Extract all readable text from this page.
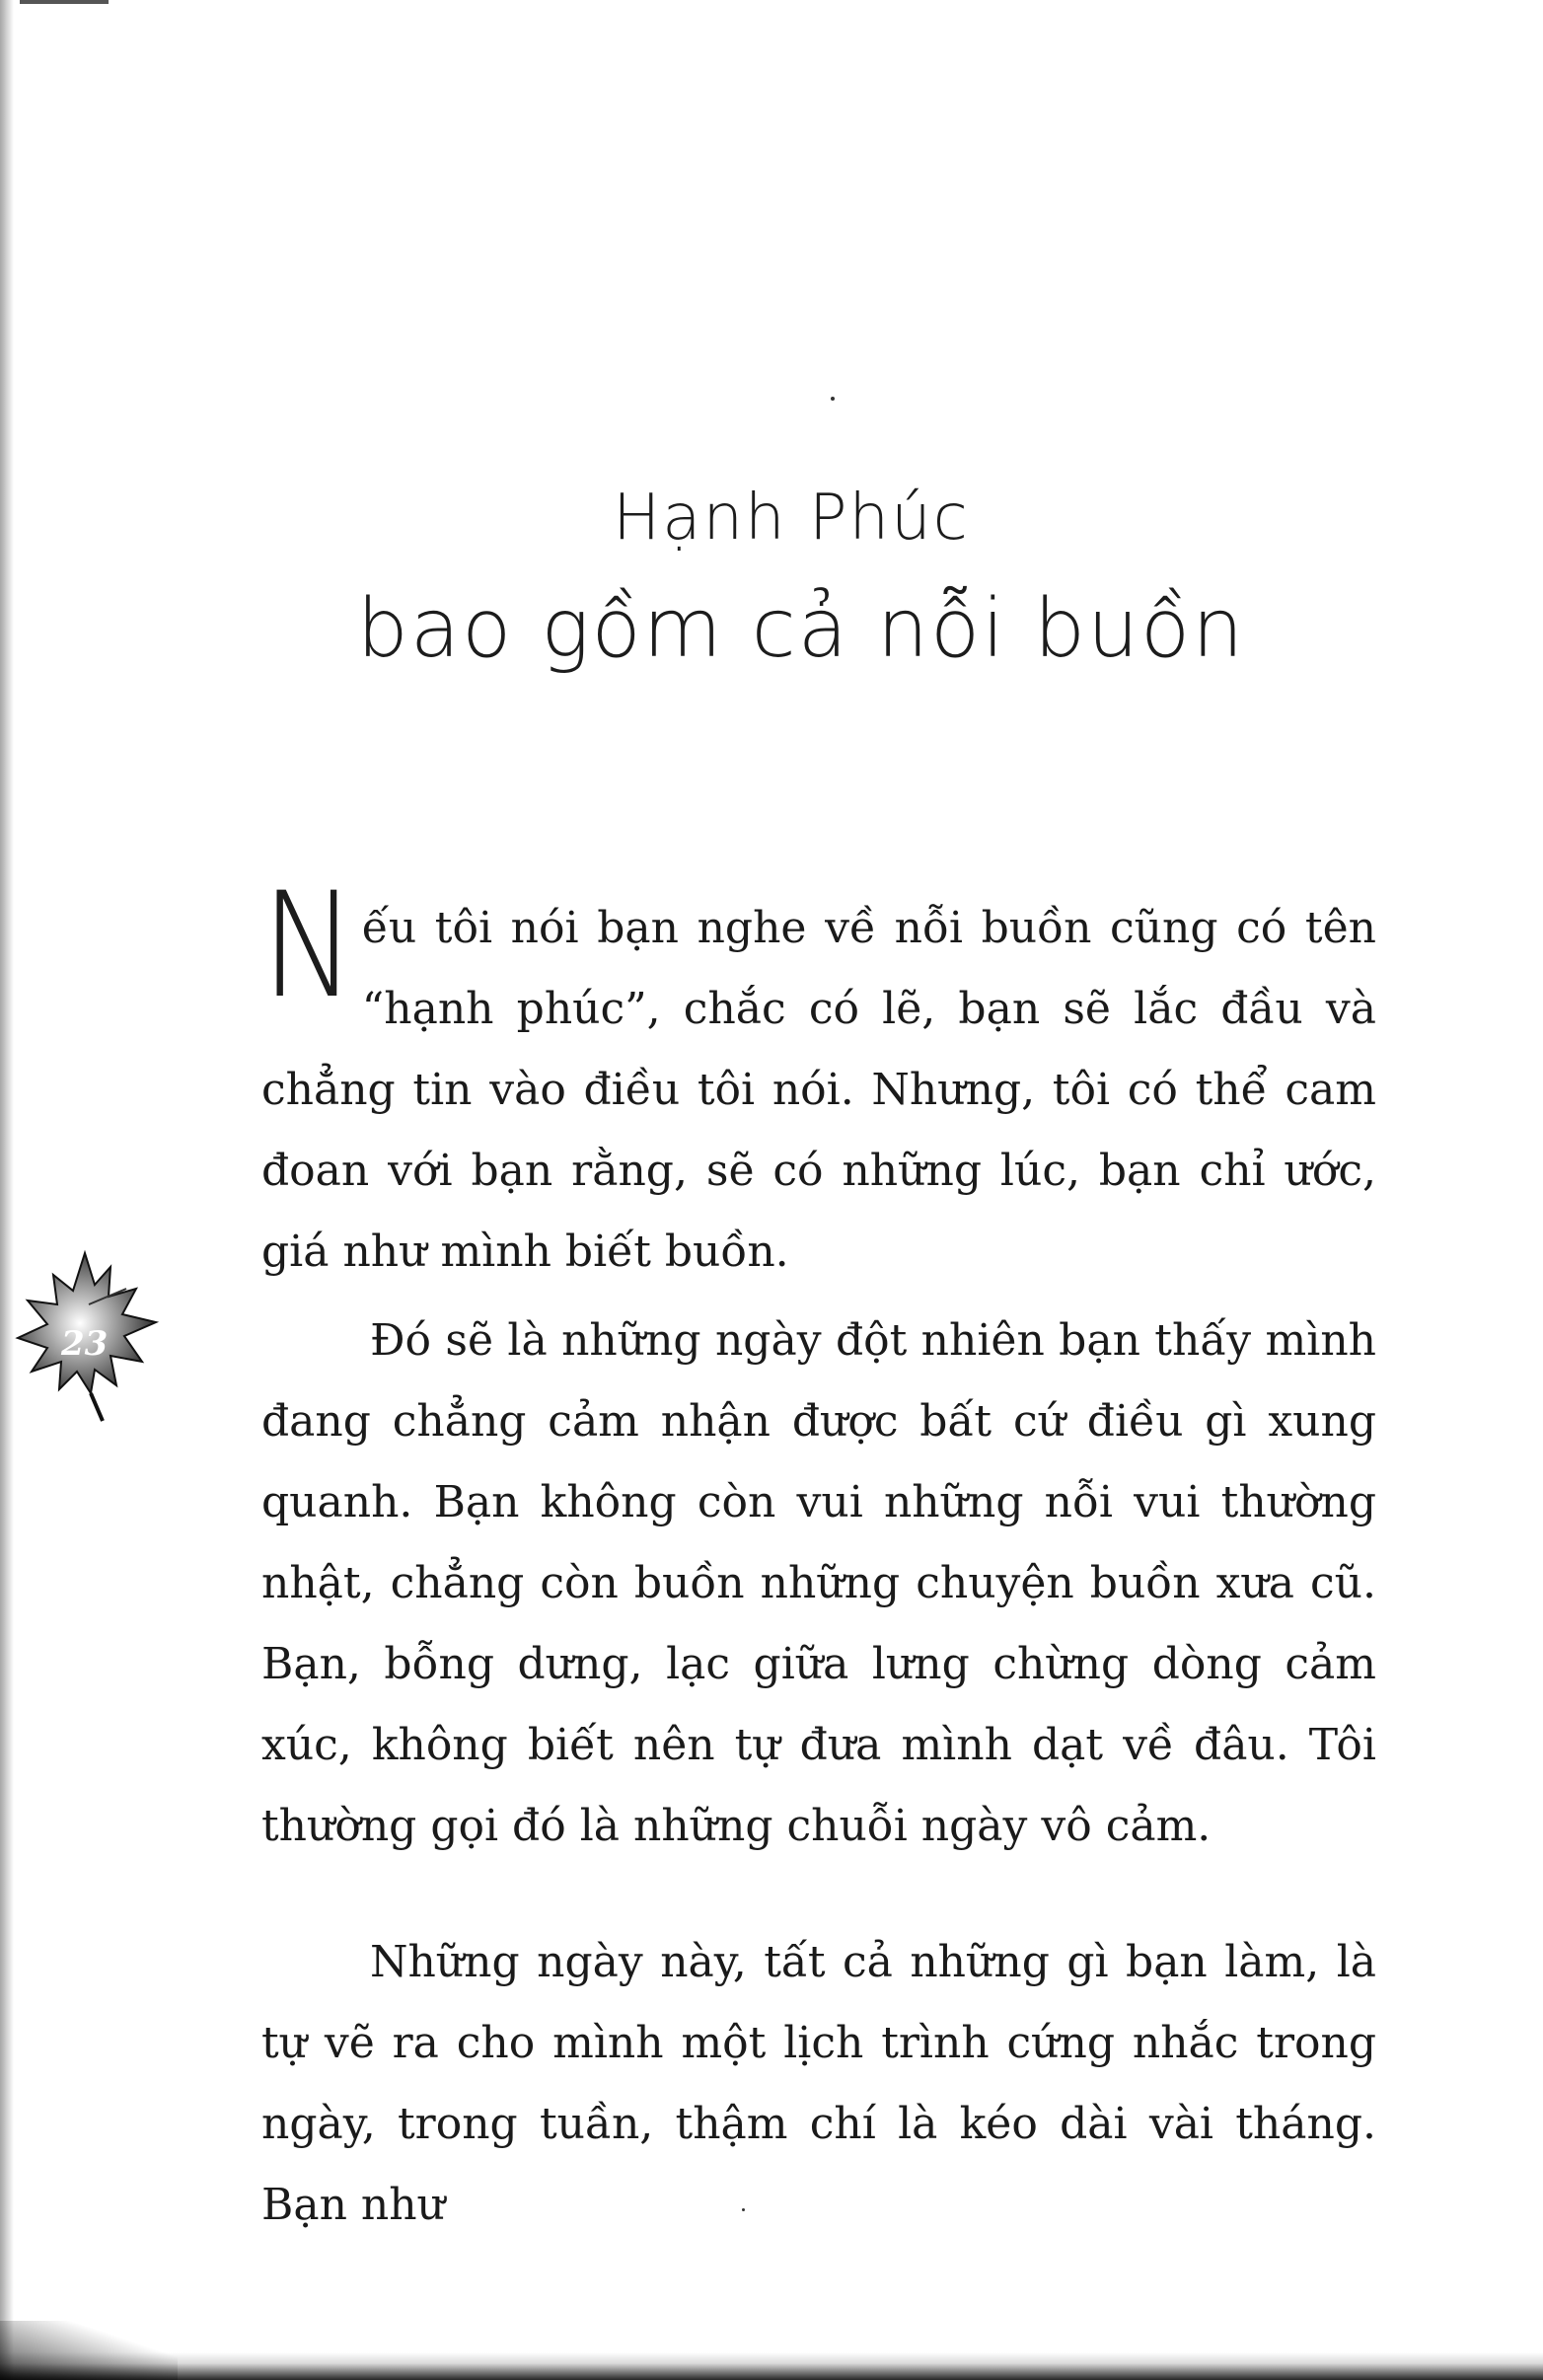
Hạnh Phúc
bao gồm cả nỗi buồn
Nếu tôi nói bạn nghe về nỗi buồn cũng có tên “hạnh phúc”, chắc có lẽ, bạn sẽ lắc đầu và chẳng tin vào điều tôi nói. Nhưng, tôi có thể cam đoan với bạn rằng, sẽ có những lúc, bạn chỉ ước, giá như mình biết buồn.
23	Đó sẽ là những ngày đột nhiên bạn thấy mình đang chẳng cảm nhận được bất cứ điều gì xung quanh. Bạn không còn vui những nỗi vui thường nhật, chẳng còn buồn những chuyện buồn xưa cũ. Bạn, bỗng dưng, lạc giữa lưng chừng dòng cảm xúc, không biết nên tự đưa mình dạt về đâu. Tôi thường gọi đó là những chuỗi ngày vô cảm.
Những ngày này, tất cả những gì bạn làm, là tự vẽ ra cho mình một lịch trình cứng nhắc trong ngày, trong tuần, thậm chí là kéo dài vài tháng. Bạn như
